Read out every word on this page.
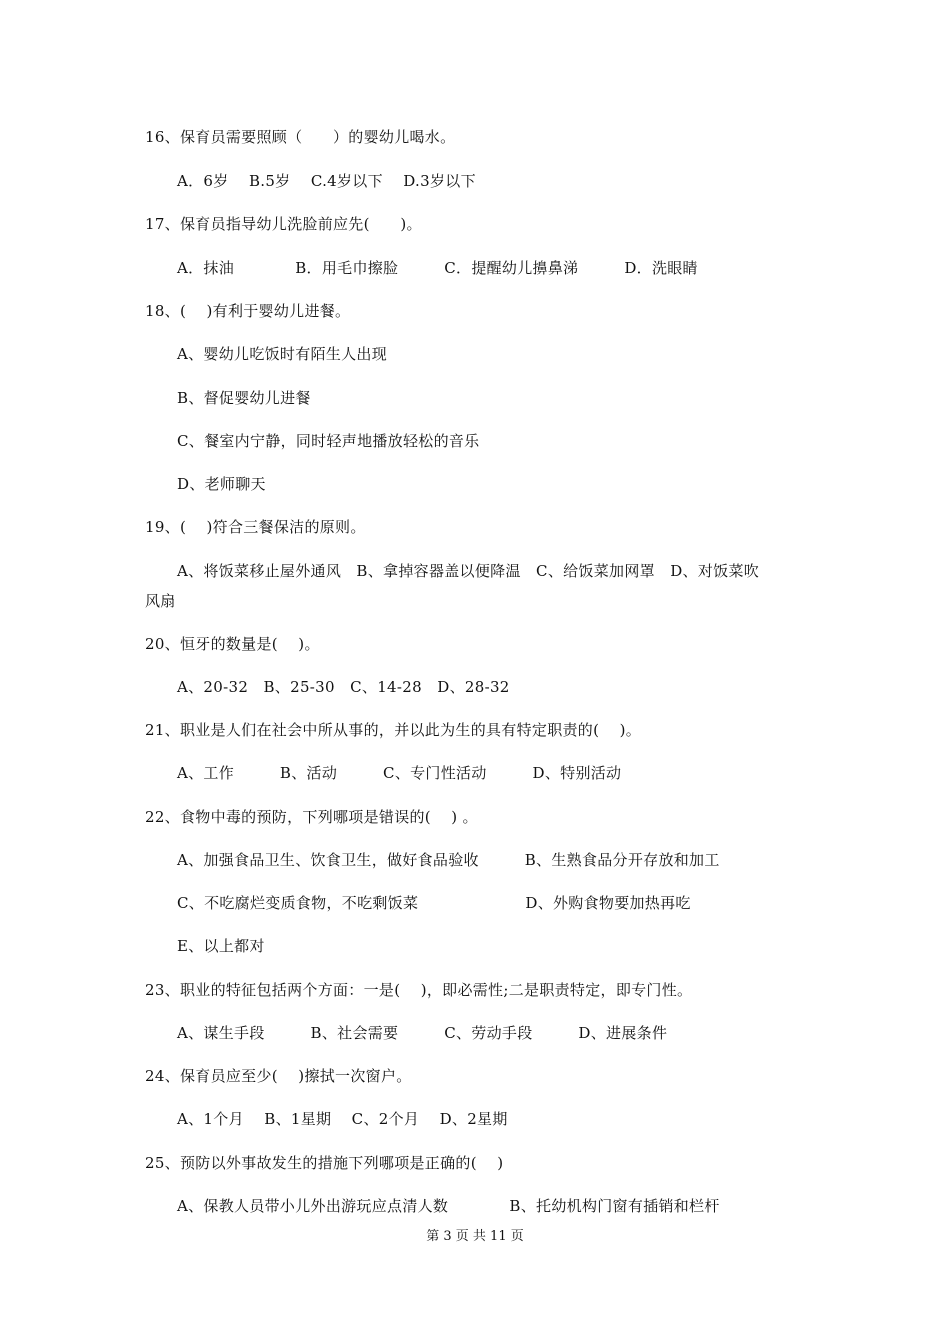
16、保育员需要照顾（　　）的婴幼儿喝水。
A．6岁　 B.5岁　 C.4岁以下　 D.3岁以下
17、保育员指导幼儿洗脸前应先(　　)。
A．抹油　　　　B．用毛巾擦脸　　　C．提醒幼儿擤鼻涕　　　D．洗眼睛
18、(　 )有利于婴幼儿进餐。
A、婴幼儿吃饭时有陌生人出现
B、督促婴幼儿进餐
C、餐室内宁静，同时轻声地播放轻松的音乐
D、老师聊天
19、(　 )符合三餐保洁的原则。
A、将饭菜移止屋外通风　B、拿掉容器盖以便降温　C、给饭菜加网罩　D、对饭菜吹
风扇
20、恒牙的数量是(　 )。
A、20-32　B、25-30　C、14-28　D、28-32
21、职业是人们在社会中所从事的，并以此为生的具有特定职责的(　 )。
A、工作　　　B、活动　　　C、专门性活动　　　D、特别活动
22、食物中毒的预防，下列哪项是错误的(　 ) 。
A、加强食品卫生、饮食卫生，做好食品验收　　　B、生熟食品分开存放和加工
C、不吃腐烂变质食物，不吃剩饭菜　　　　　　　D、外购食物要加热再吃
E、以上都对
23、职业的特征包括两个方面：一是(　 )，即必需性;二是职责特定，即专门性。
A、谋生手段　　　B、社会需要　　　C、劳动手段　　　D、进展条件
24、保育员应至少(　 )擦拭一次窗户。
A、1个月　 B、1星期　 C、2个月　 D、2星期
25、预防以外事故发生的措施下列哪项是正确的(　 )
A、保教人员带小儿外出游玩应点清人数　　　　B、托幼机构门窗有插销和栏杆
第 3 页 共 11 页
